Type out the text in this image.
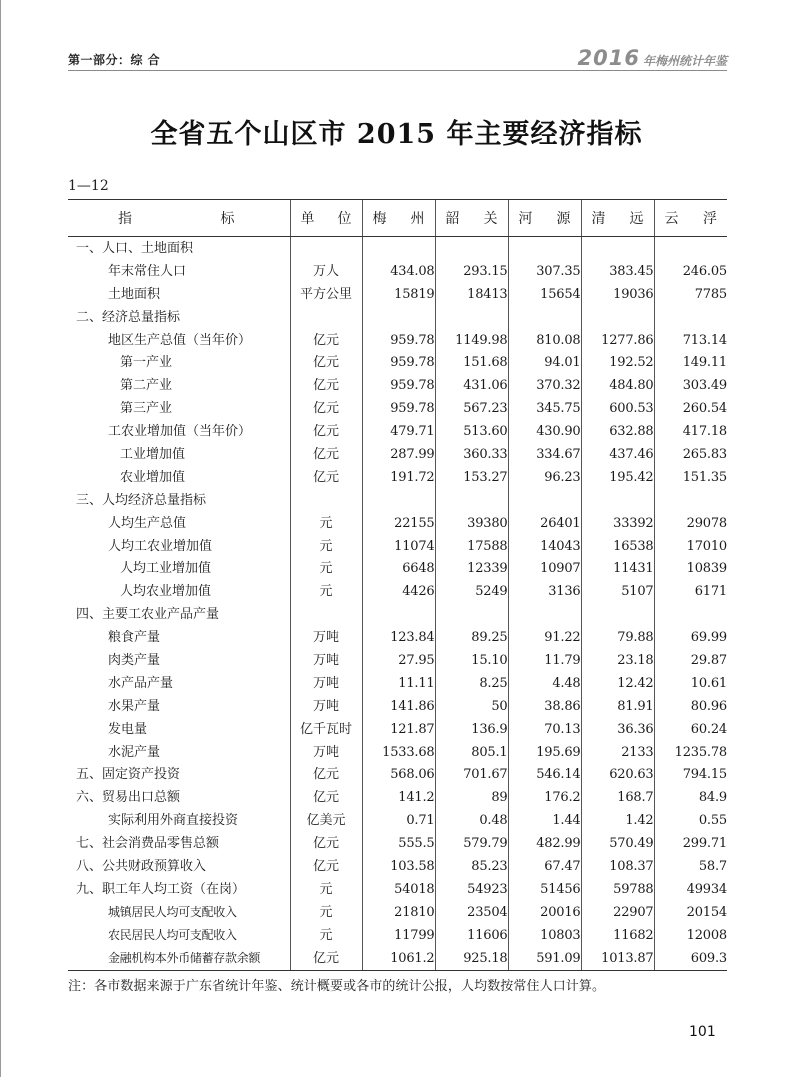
第一部分：综 合	2016 年梅州统计年鉴
全省五个山区市 2015 年主要经济指标
1—12
指 标	单 位	梅 州	韶 关	河 源	清 远	云 浮

一、人口、土地面积						
年末常住人口	万人	434.08	293.15	307.35	383.45	246.05
土地面积	平方公里	15819	18413	15654	19036	7785
二、经济总量指标						
地区生产总值（当年价）	亿元	959.78	1149.98	810.08	1277.86	713.14
第一产业	亿元	959.78	151.68	94.01	192.52	149.11
第二产业	亿元	959.78	431.06	370.32	484.80	303.49
第三产业	亿元	959.78	567.23	345.75	600.53	260.54
工农业增加值（当年价）	亿元	479.71	513.60	430.90	632.88	417.18
工业增加值	亿元	287.99	360.33	334.67	437.46	265.83
农业增加值	亿元	191.72	153.27	96.23	195.42	151.35
三、人均经济总量指标						
人均生产总值	元	22155	39380	26401	33392	29078
人均工农业增加值	元	11074	17588	14043	16538	17010
人均工业增加值	元	6648	12339	10907	11431	10839
人均农业增加值	元	4426	5249	3136	5107	6171
四、主要工农业产品产量						
粮食产量	万吨	123.84	89.25	91.22	79.88	69.99
肉类产量	万吨	27.95	15.10	11.79	23.18	29.87
水产品产量	万吨	11.11	8.25	4.48	12.42	10.61
水果产量	万吨	141.86	50	38.86	81.91	80.96
发电量	亿千瓦时	121.87	136.9	70.13	36.36	60.24
水泥产量	万吨	1533.68	805.1	195.69	2133	1235.78
五、固定资产投资	亿元	568.06	701.67	546.14	620.63	794.15
六、贸易出口总额	亿元	141.2	89	176.2	168.7	84.9
实际利用外商直接投资	亿美元	0.71	0.48	1.44	1.42	0.55
七、社会消费品零售总额	亿元	555.5	579.79	482.99	570.49	299.71
八、公共财政预算收入	亿元	103.58	85.23	67.47	108.37	58.7
九、职工年人均工资（在岗）	元	54018	54923	51456	59788	49934
城镇居民人均可支配收入	元	21810	23504	20016	22907	20154
农民居民人均可支配收入	元	11799	11606	10803	11682	12008
金融机构本外币储蓄存款余额	亿元	1061.2	925.18	591.09	1013.87	609.3
注：各市数据来源于广东省统计年鉴、统计概要或各市的统计公报，人均数按常住人口计算。
101
